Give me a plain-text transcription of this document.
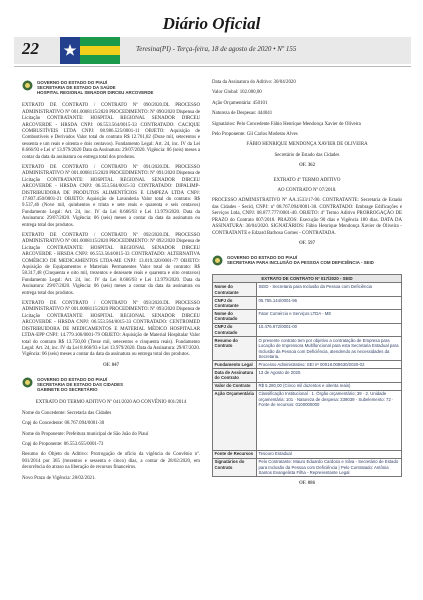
Diário Oficial
22	Teresina(PI) - Terça-feira, 18 de agosto de 2020 • Nº 155
GOVERNO DO ESTADO DO PIAUÍ
SECRETARIA DE ESTADO DA SAÚDE
HOSPITAL REGIONAL SENADOR DIRCEU ARCOVERDE

EXTRATO DE CONTRATO / CONTRATO Nº 090/2020.DL PROCESSO ADMINISTRATIVO Nº 001.0008115/2020 PROCEDIMENTO: Nº 090/2020 Dispensa de Licitação CONTRATANTE: HOSPITAL REGIONAL SENADOR DIRCEU ARCOVERDE - HRSDA CNPJ: 06.553.564/0015-33 CONTRATADO: CACIQUE COMBUSTÍVEIS LTDA CNPJ: 08.986.525/0001-11 OBJETO: Aquisição de Combustíveis e Derivados Valor total do contrato R$ 12.761,82 (Doze mil, setecentos e sessenta e um reais e oitenta e dois centavos). Fundamento Legal: Art. 24, inc. IV da Lei 8.666/93 e Lei nº 13.979/2020 Data da Assinatura: 29/07/2020. Vigência: 06 (seis) meses a contar da data da assinatura ou entrega total dos produtos.

EXTRATO DE CONTRATO / CONTRATO Nº 091/2020.DL PROCESSO ADMINISTRATIVO Nº 001.0008115/2020 PROCEDIMENTO: Nº 091/2020 Dispensa de Licitação CONTRATANTE: HOSPITAL REGIONAL SENADOR DIRCEU ARCOVERDE - HRSDA CNPJ: 06.553.564/0015-33 CONTRATADO: DIPALIMP- DISTRIBUIDORA DE PRODUTOS ALIMENTÍCIOS E LIMPEZA LTDA CNPJ: 17.807.450/0001-21 OBJETO: Aquisição de Lavanderia Valor total do contrato: R$ 9.537,46 (Nove mil, quinhentos e trinta e sete reais e quarenta e seis centavos) Fundamento Legal: Art. 24, inc. IV da Lei 8.666/93 e Lei 13.979/2020. Data da Assinatura: 29/07/2020. Vigência: 06 (seis) meses a contar da data da assinatura ou entrega total dos produtos.

EXTRATO DE CONTRATO / CONTRATO Nº 092/2020.DL PROCESSO ADMINISTRATIVO Nº 001.0008115/2020 PROCEDIMENTO: Nº 092/2020 Dispensa de Licitação CONTRATANTE: HOSPITAL REGIONAL SENADOR DIRCEU ARCOVERDE - HRSDA CNPJ: 06.553.564/0015-33 CONTRATADO: ALTERNATIVA COMÉRCIO DE MEDICAMENTOS LTDA-ME CNPJ: 13.019.320/0001-77 OBJETO: Aquisição de Equipamentos e Materiais Permanentes Valor total do contrato: R$ 58.317,48 (Cinquenta e oito mil, trezentos e dezessete reais e quarenta e oito centavos) Fundamento Legal: Art. 24, inc. IV da Lei 8.666/93 e Lei 13.979/2020. Data da Assinatura: 29/07/2020. Vigência: 06 (seis) meses a contar da data da assinatura ou entrega total dos produtos.

EXTRATO DE CONTRATO / CONTRATO Nº 093/2020.DL PROCESSO ADMINISTRATIVO Nº 001.0008115/2020 PROCEDIMENTO: Nº 093/2020 Dispensa de Licitação CONTRATANTE: HOSPITAL REGIONAL SENADOR DIRCEU ARCOVERDE - HRSDA CNPJ: 06.553.564/0015-33 CONTRATADO: CENTROMED DISTRIBUIDORA DE MEDICAMENTOS E MATERIAL MÉDICO HOSPITALAR LTDA-EPP CNPJ: 14.779.106/0001-79 OBJETO: Aquisição de Material Hospitalar Valor total do contrato R$ 13.750,00 (Treze mil, setecentos e cinquenta reais). Fundamento Legal: Art. 24, inc. IV da Lei 8.666/93 e Lei 13.979/2020. Data da Assinatura: 29/07/2020. Vigência: 06 (seis) meses a contar da data da assinatura ou entrega total dos produtos.

OF. 047
GOVERNO DO ESTADO DO PIAUÍ
SECRETARIA DE ESTADO DAS CIDADES
GABINETE DO SECRETÁRIO

EXTRATO DO TERMO ADITIVO Nº 041/2020 AO CONVÊNIO 001/2014

Nome do Concedente: Secretaria das Cidades

Cnpj do Concedente: 08.767.094/0001-30

Nome do Proponente: Prefeitura municipal de São João do Piauí

Cnpj do Proponente: 06.553.655/0001-73

Resumo do Objeto do Aditivo: Prorrogação de ofício da vigência do Convênio nº. 001/2014 por 365 (trezentos e sessenta e cinco) dias, a contar de 28/02/2020, em decorrência do atraso na liberação de recursos financeiros.

Novo Prazo de Vigência: 28/02/2021.

Data da Assinatura do Aditivo: 30/04/2020

Valor Global: 102.000,00

Ação Orçamentária: 450101

Natureza de Despesas: 444041

Signatários: Pelo Concedente Fábio Henrique Mendonça Xavier de Oliveira

Pelo Proponente: Gil Carlos Modesto Alves

FÁBIO HENRIQUE MENDONÇA XAVIER DE OLIVEIRA

Secretário de Estado das Cidades

OF. 362

EXTRATO 4º TERMO ADITIVO

AO CONTRATO Nº 07/2018.

PROCESSO ADMINISTRATIVO Nº AA.1533/17-90. CONTRATANTE: Secretaria de Estado das Cidades - Secid, CNPJ: nº 08.767.094/0001-30. CONTRATADO: Embrage Edificações e Serviços Ltda, CNPJ: 08.877.777/0001-40. OBJETO: 4º Termo Aditivo PRORROGAÇÃO DE PRAZO do Contrato 007/2018. PRAZOS: Execução 90 dias e Vigência 180 dias. DATA DA ASSINATURA: 30/04/2020. SIGNATÁRIOS: Fábio Henrique Mendonça Xavier de Oliveira - CONTRATANTE e Edzard Barbosa Gomes - CONTRATADA.

OF. 597
GOVERNO DO ESTADO DO PIAUÍ
SECRETARIA PARA INCLUSÃO DA PESSOA COM DEFICIÊNCIA - SEID
EXTRATO DE CONTRATO Nº 017/2020 - SEID	
Nome do Contratante	SEID - Secretaria para Inclusão da Pessoa com Deficiência
CNPJ do Contratante	05.755.144/0001-96
Nome do Contratado	Fator Comércio e Serviços LTDA - ME
CNPJ do Contratado	10.476.972/0001-00
Resumo do Contrato	O presente contrato tem por objetivo a contratação de Empresa para Locação de Impressora Multifuncional para esta Secretaria Estadual para Inclusão da Pessoa com Deficiência, atendendo as necessidades da Secretaria.
Fundamento Legal	Processo Administrativo: SEI nº 00018.008630/2020-02
Data de Assinatura do Contrato	13 de Agosto de 2020.
Valor do Contrato	R$ 5.280,00 (Cinco mil duzentos e oitenta reais)
Ação Orçamentária	Classificação Institucional · 1. Órgão orçamentário: 39 · 2. Unidade orçamentária: 101 · Natureza de despesa: 339039 · Subelemento: 72 · Fonte de recursos: 0100000000
Fonte de Recursos	Tesouro Estadual
Signatários do Contrato	Pelo Contratante: Mauro Eduardo Cardoso e Silva - Secretário de Estado para Inclusão da Pessoa com Deficiência | Pelo Contratado: Antônia Santos Evangelista Filha - Representante Legal
OF. 086
